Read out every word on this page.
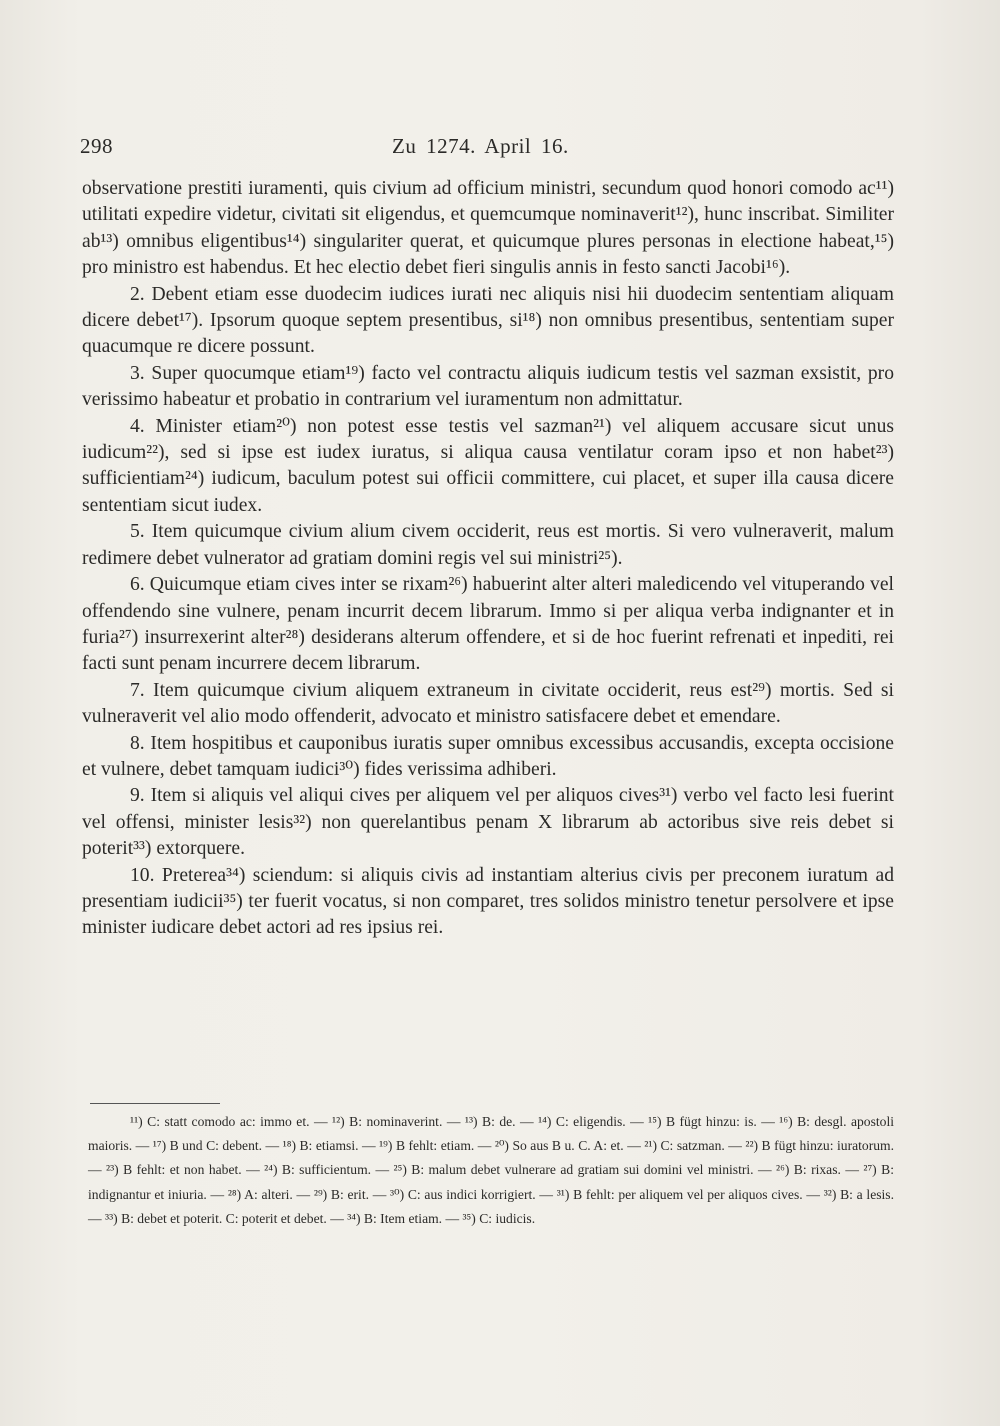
298	Zu 1274. April 16.

observatione prestiti iuramenti, quis civium ad officium ministri, secundum quod honori comodo ac¹¹) utilitati expedire videtur, civitati sit eligendus, et quemcumque nominaverit¹²), hunc inscribat. Similiter ab¹³) omnibus eligentibus¹⁴) singulariter querat, et quicumque plures personas in electione habeat,¹⁵) pro ministro est habendus. Et hec electio debet fieri singulis annis in festo sancti Jacobi¹⁶).

2. Debent etiam esse duodecim iudices iurati nec aliquis nisi hii duodecim sententiam aliquam dicere debet¹⁷). Ipsorum quoque septem presentibus, si¹⁸) non omnibus presentibus, sententiam super quacumque re dicere possunt.

3. Super quocumque etiam¹⁹) facto vel contractu aliquis iudicum testis vel sazman exsistit, pro verissimo habeatur et probatio in contrarium vel iuramentum non admittatur.

4. Minister etiam²⁰) non potest esse testis vel sazman²¹) vel aliquem accusare sicut unus iudicum²²), sed si ipse est iudex iuratus, si aliqua causa ventilatur coram ipso et non habet²³) sufficientiam²⁴) iudicum, baculum potest sui officii committere, cui placet, et super illa causa dicere sententiam sicut iudex.

5. Item quicumque civium alium civem occiderit, reus est mortis. Si vero vulneraverit, malum redimere debet vulnerator ad gratiam domini regis vel sui ministri²⁵).

6. Quicumque etiam cives inter se rixam²⁶) habuerint alter alteri maledicendo vel vituperando vel offendendo sine vulnere, penam incurrit decem librarum. Immo si per aliqua verba indignanter et in furia²⁷) insurrexerint alter²⁸) desiderans alterum offendere, et si de hoc fuerint refrenati et inpediti, rei facti sunt penam incurrere decem librarum.

7. Item quicumque civium aliquem extraneum in civitate occiderit, reus est²⁹) mortis. Sed si vulneraverit vel alio modo offenderit, advocato et ministro satisfacere debet et emendare.

8. Item hospitibus et cauponibus iuratis super omnibus excessibus accusandis, excepta occisione et vulnere, debet tamquam iudici³⁰) fides verissima adhiberi.

9. Item si aliquis vel aliqui cives per aliquem vel per aliquos cives³¹) verbo vel facto lesi fuerint vel offensi, minister lesis³²) non querelantibus penam X librarum ab actoribus sive reis debet si poterit³³) extorquere.

10. Preterea³⁴) sciendum: si aliquis civis ad instantiam alterius civis per preconem iuratum ad presentiam iudicii³⁵) ter fuerit vocatus, si non comparet, tres solidos ministro tenetur persolvere et ipse minister iudicare debet actori ad res ipsius rei.

¹¹) C: statt comodo ac: immo et. — ¹²) B: nominaverint. — ¹³) B: de. — ¹⁴) C: eligendis. — ¹⁵) B fügt hinzu: is. — ¹⁶) B: desgl. apostoli maioris. — ¹⁷) B und C: debent. — ¹⁸) B: etiamsi. — ¹⁹) B fehlt: etiam. — ²⁰) So aus B u. C. A: et. — ²¹) C: satzman. — ²²) B fügt hinzu: iuratorum. — ²³) B fehlt: et non habet. — ²⁴) B: sufficientum. — ²⁵) B: malum debet vulnerare ad gratiam sui domini vel ministri. — ²⁶) B: rixas. — ²⁷) B: indignantur et iniuria. — ²⁸) A: alteri. — ²⁹) B: erit. — ³⁰) C: aus indici korrigiert. — ³¹) B fehlt: per aliquem vel per aliquos cives. — ³²) B: a lesis. — ³³) B: debet et poterit. C: poterit et debet. — ³⁴) B: Item etiam. — ³⁵) C: iudicis.
